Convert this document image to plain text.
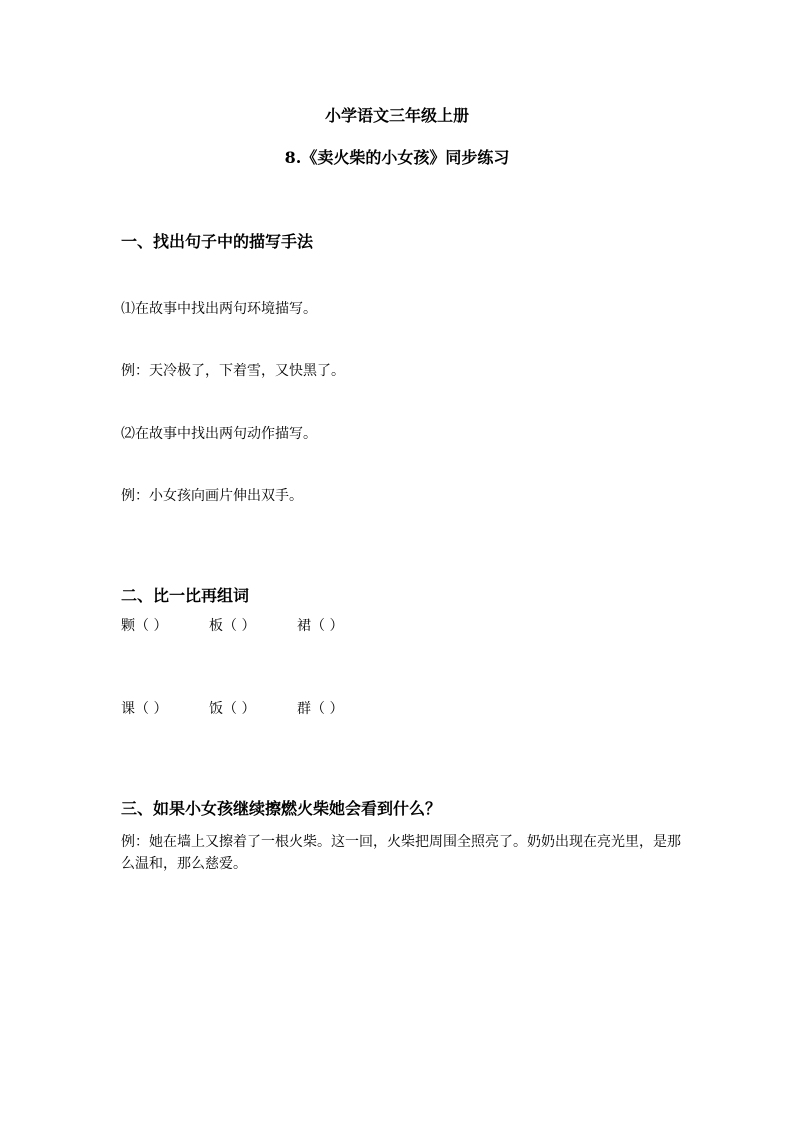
小学语文三年级上册
8.《卖火柴的小女孩》同步练习
一、找出句子中的描写手法
⑴在故事中找出两句环境描写。
例：天冷极了，下着雪，又快黑了。
⑵在故事中找出两句动作描写。
例：小女孩向画片伸出双手。
二、比一比再组词
颗（ ）	板（ ）	裙（ ）
课（ ）	饭（ ）	群（ ）
三、如果小女孩继续擦燃火柴她会看到什么？
例：她在墙上又擦着了一根火柴。这一回，火柴把周围全照亮了。奶奶出现在亮光里，是那么温和，那么慈爱。
